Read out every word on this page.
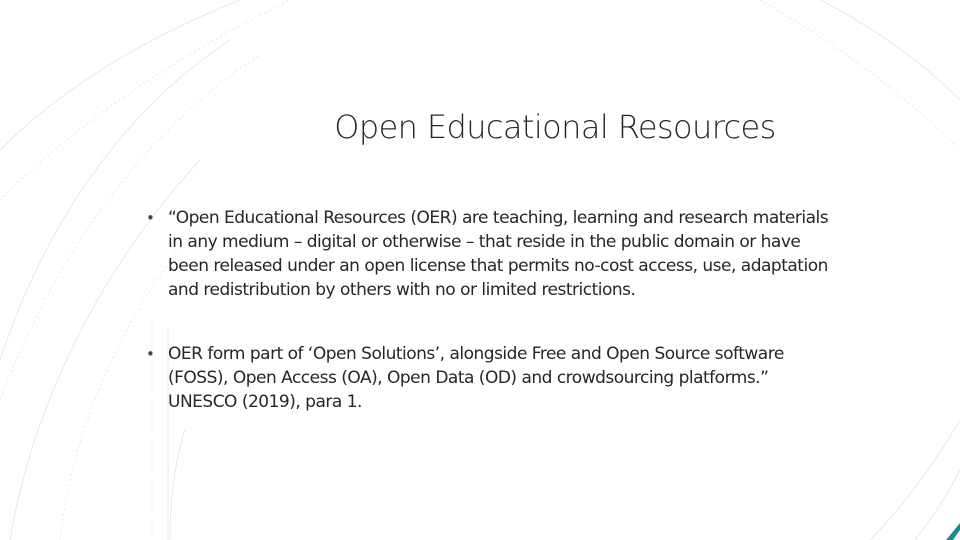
Open Educational Resources
• “Open Educational Resources (OER) are teaching, learning and research materials in any medium – digital or otherwise – that reside in the public domain or have been released under an open license that permits no-cost access, use, adaptation and redistribution by others with no or limited restrictions.
• OER form part of ‘Open Solutions’, alongside Free and Open Source software (FOSS), Open Access (OA), Open Data (OD) and crowdsourcing platforms.” UNESCO (2019), para 1.
